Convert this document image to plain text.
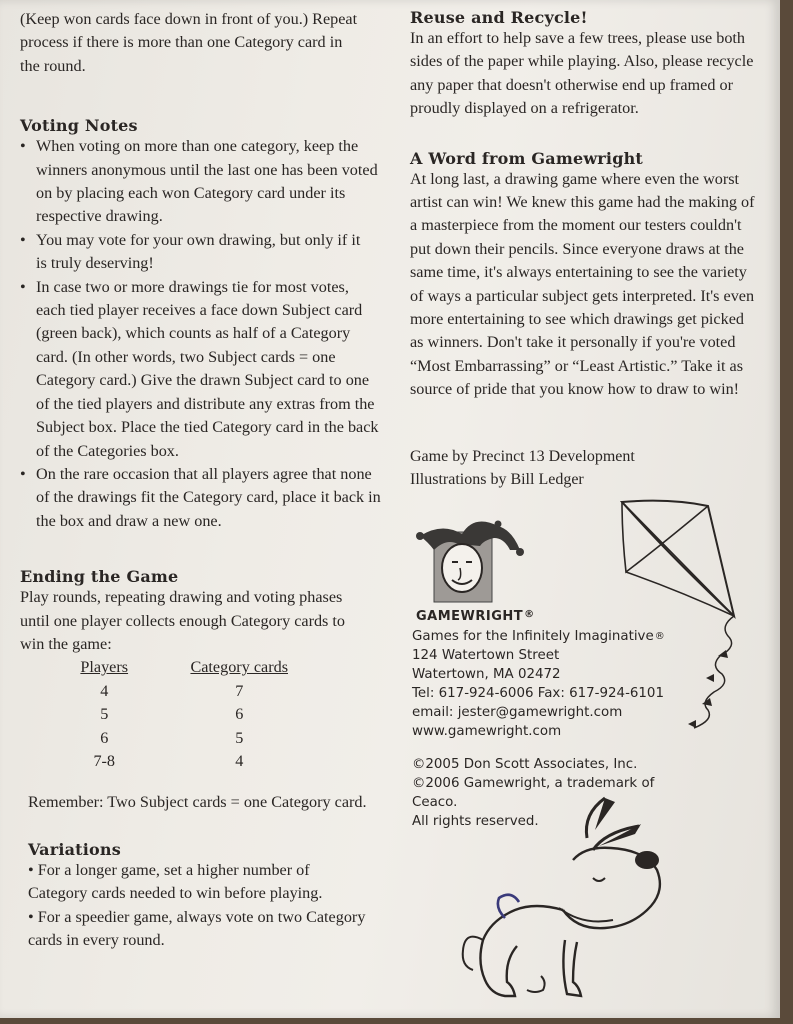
(Keep won cards face down in front of you.) Repeat process if there is more than one Category card in the round.

Voting Notes
• When voting on more than one category, keep the winners anonymous until the last one has been voted on by placing each won Category card under its respective drawing.
• You may vote for your own drawing, but only if it is truly deserving!
• In case two or more drawings tie for most votes, each tied player receives a face down Subject card (green back), which counts as half of a Category card. (In other words, two Subject cards = one Category card.) Give the drawn Subject card to one of the tied players and distribute any extras from the Subject box. Place the tied Category card in the back of the Categories box.
• On the rare occasion that all players agree that none of the drawings fit the Category card, place it back in the box and draw a new one.
Ending the Game

Play rounds, repeating drawing and voting phases until one player collects enough Category cards to win the game:

Players	Category cards
4	7
5	6
6	5
7-8	4

Remember: Two Subject cards = one Category card.

Variations
• For a longer game, set a higher number of Category cards needed to win before playing.
• For a speedier game, always vote on two Category cards in every round.
Reuse and Recycle!

In an effort to help save a few trees, please use both sides of the paper while playing. Also, please recycle any paper that doesn't otherwise end up framed or proudly displayed on a refrigerator.

A Word from Gamewright

At long last, a drawing game where even the worst artist can win! We knew this game had the making of a masterpiece from the moment our testers couldn't put down their pencils. Since everyone draws at the same time, it's always entertaining to see the variety of ways a particular subject gets interpreted. It's even more entertaining to see which drawings get picked as winners. Don't take it personally if you're voted “Most Embarrassing” or “Least Artistic.” Take it as source of pride that you know how to draw to win!

Game by Precinct 13 Development
Illustrations by Bill Ledger
GAMEWRIGHT®
Games for the Infinitely Imaginative®
124 Watertown Street
Watertown, MA 02472
Tel: 617-924-6006 Fax: 617-924-6101
email: jester@gamewright.com
www.gamewright.com
©2005 Don Scott Associates, Inc.
©2006 Gamewright, a trademark of Ceaco.
All rights reserved.
